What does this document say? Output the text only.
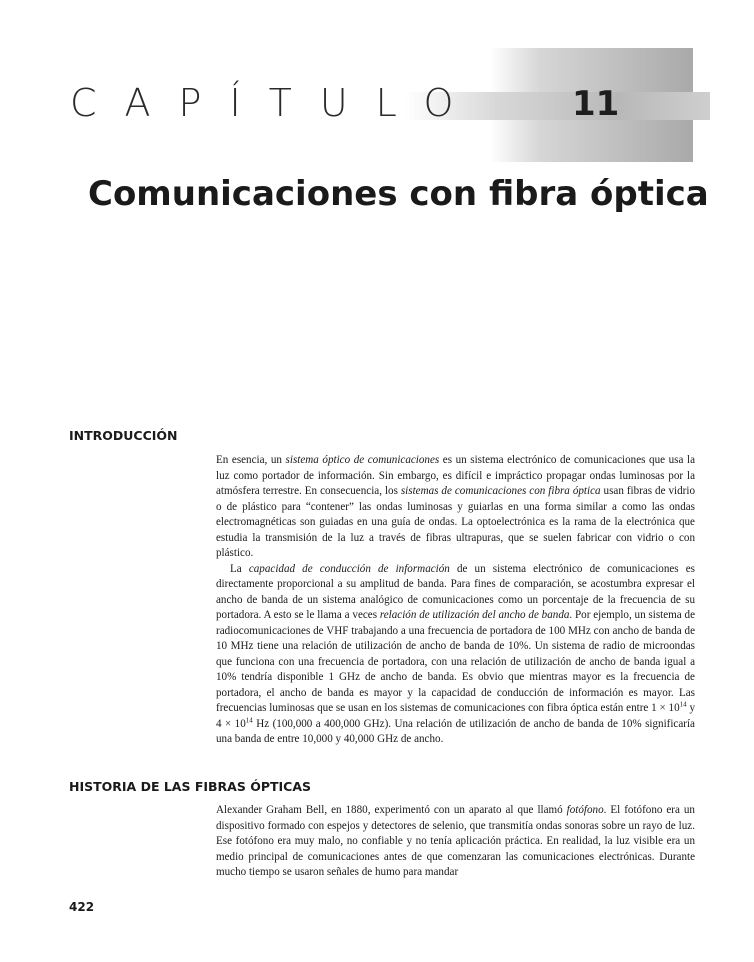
CAPÍTULO	11
Comunicaciones con fibra óptica
INTRODUCCIÓN

En esencia, un sistema óptico de comunicaciones es un sistema electrónico de comunicaciones que usa la luz como portador de información. Sin embargo, es difícil e impráctico propagar ondas luminosas por la atmósfera terrestre. En consecuencia, los sistemas de comunicaciones con fibra óptica usan fibras de vidrio o de plástico para “contener” las ondas luminosas y guiarlas en una forma similar a como las ondas electromagnéticas son guiadas en una guía de ondas. La optoelectrónica es la rama de la electrónica que estudia la transmisión de la luz a través de fibras ultrapuras, que se suelen fabricar con vidrio o con plástico.

La capacidad de conducción de información de un sistema electrónico de comunicaciones es directamente proporcional a su amplitud de banda. Para fines de comparación, se acostumbra expresar el ancho de banda de un sistema analógico de comunicaciones como un porcentaje de la frecuencia de su portadora. A esto se le llama a veces relación de utilización del ancho de banda. Por ejemplo, un sistema de radiocomunicaciones de VHF trabajando a una frecuencia de portadora de 100 MHz con ancho de banda de 10 MHz tiene una relación de utilización de ancho de banda de 10%. Un sistema de radio de microondas que funciona con una frecuencia de portadora, con una relación de utilización de ancho de banda igual a 10% tendría disponible 1 GHz de ancho de banda. Es obvio que mientras mayor es la frecuencia de portadora, el ancho de banda es mayor y la capacidad de conducción de información es mayor. Las frecuencias luminosas que se usan en los sistemas de comunicaciones con fibra óptica están entre $1 \times 10^{14}$ y $4 \times 10^{14}$ Hz (100,000 a 400,000 GHz). Una relación de utilización de ancho de banda de 10% significaría una banda de entre 10,000 y 40,000 GHz de ancho.

HISTORIA DE LAS FIBRAS ÓPTICAS

Alexander Graham Bell, en 1880, experimentó con un aparato al que llamó fotófono. El fotófono era un dispositivo formado con espejos y detectores de selenio, que transmitía ondas sonoras sobre un rayo de luz. Ese fotófono era muy malo, no confiable y no tenía aplicación práctica. En realidad, la luz visible era un medio principal de comunicaciones antes de que comenzaran las comunicaciones electrónicas. Durante mucho tiempo se usaron señales de humo para mandar

422
